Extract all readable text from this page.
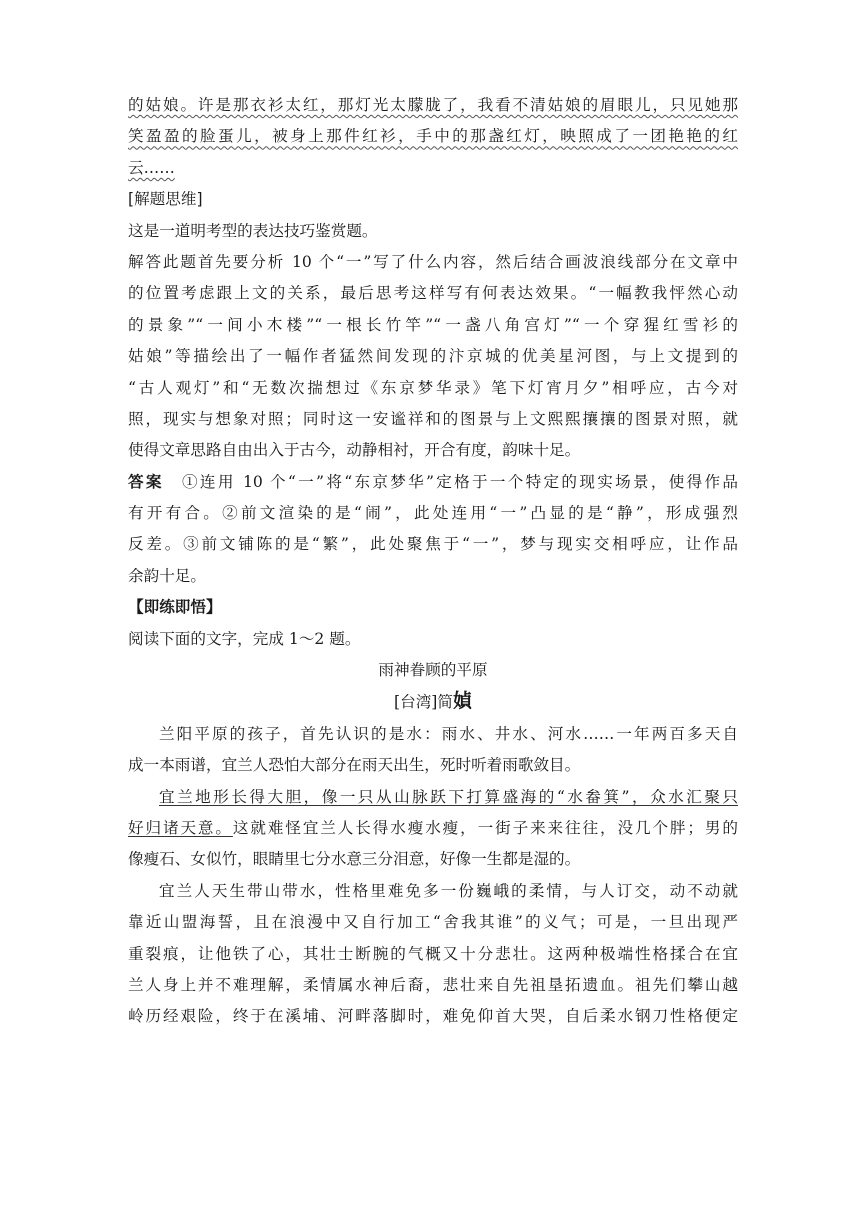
的姑娘。许是那衣衫太红，那灯光太朦胧了，我看不清姑娘的眉眼儿，只见她那
笑盈盈的脸蛋儿，被身上那件红衫，手中的那盏红灯，映照成了一团艳艳的红
云……
[解题思维]
这是一道明考型的表达技巧鉴赏题。
解答此题首先要分析 10 个“一”写了什么内容，然后结合画波浪线部分在文章中
的位置考虑跟上文的关系，最后思考这样写有何表达效果。“一幅教我怦然心动
的景象”“一间小木楼”“一根长竹竿”“一盏八角宫灯”“一个穿猩红雪衫的
姑娘”等描绘出了一幅作者猛然间发现的汴京城的优美星河图，与上文提到的
“古人观灯”和“无数次揣想过《东京梦华录》笔下灯宵月夕”相呼应，古今对
照，现实与想象对照；同时这一安谧祥和的图景与上文熙熙攘攘的图景对照，就
使得文章思路自由出入于古今，动静相衬，开合有度，韵味十足。
答案 ①连用 10 个“一”将“东京梦华”定格于一个特定的现实场景，使得作品
有开有合。②前文渲染的是“闹”，此处连用“一”凸显的是“静”，形成强烈
反差。③前文铺陈的是“繁”，此处聚焦于“一”，梦与现实交相呼应，让作品
余韵十足。
【即练即悟】
阅读下面的文字，完成 1～2 题。
雨神眷顾的平原
[台湾]简媜
兰阳平原的孩子，首先认识的是水：雨水、井水、河水……一年两百多天自
成一本雨谱，宜兰人恐怕大部分在雨天出生，死时听着雨歌敛目。
宜兰地形长得大胆，像一只从山脉跃下打算盛海的“水畚箕”，众水汇聚只
好归诸天意。这就难怪宜兰人长得水瘦水瘦，一街子来来往往，没几个胖；男的
像瘦石、女似竹，眼睛里七分水意三分泪意，好像一生都是湿的。
宜兰人天生带山带水，性格里难免多一份巍峨的柔情，与人订交，动不动就
靠近山盟海誓，且在浪漫中又自行加工“舍我其谁”的义气；可是，一旦出现严
重裂痕，让他铁了心，其壮士断腕的气概又十分悲壮。这两种极端性格揉合在宜
兰人身上并不难理解，柔情属水神后裔，悲壮来自先祖垦拓遗血。祖先们攀山越
岭历经艰险，终于在溪埔、河畔落脚时，难免仰首大哭，自后柔水钢刀性格便定
